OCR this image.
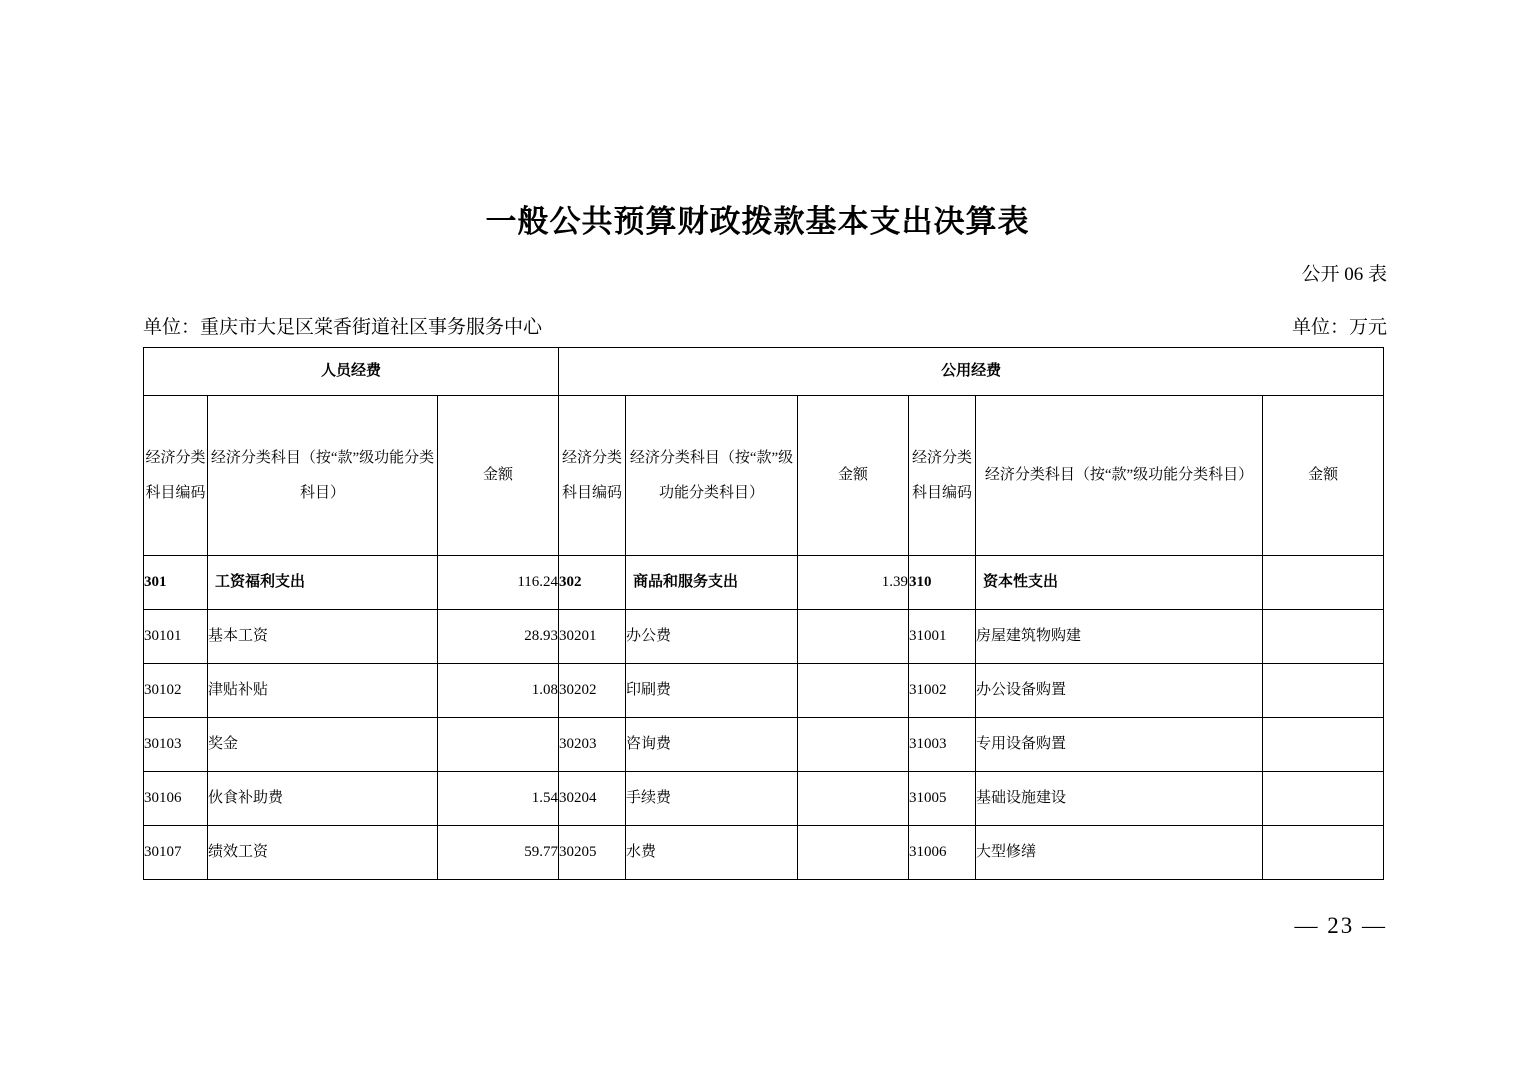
一般公共预算财政拨款基本支出决算表
公开 06 表
单位：重庆市大足区棠香街道社区事务服务中心	单位：万元
人员经费			公用经费					
经济分类科目编码	经济分类科目（按“款”级功能分类科目）	金额	经济分类科目编码	经济分类科目（按“款”级功能分类科目）	金额	经济分类科目编码	经济分类科目（按“款”级功能分类科目）	金额
301	工资福利支出	116.24	302	商品和服务支出	1.39	310	资本性支出	
30101	基本工资	28.93	30201	办公费		31001	房屋建筑物购建	
30102	津贴补贴	1.08	30202	印刷费		31002	办公设备购置	
30103	奖金		30203	咨询费		31003	专用设备购置	
30106	伙食补助费	1.54	30204	手续费		31005	基础设施建设	
30107	绩效工资	59.77	30205	水费		31006	大型修缮	
— 23 —
